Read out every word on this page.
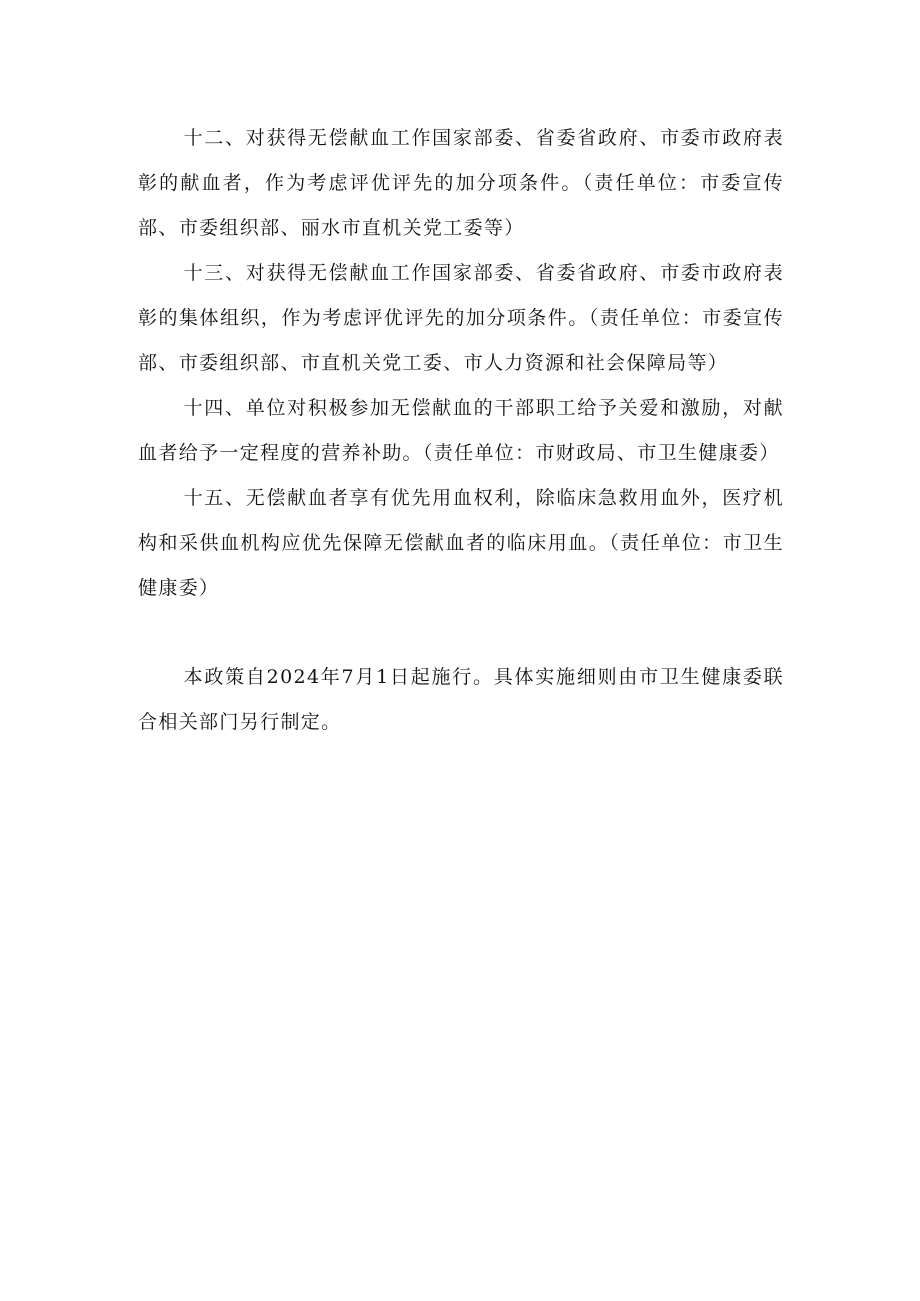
十二、对获得无偿献血工作国家部委、省委省政府、市委市政府表彰的献血者，作为考虑评优评先的加分项条件。（责任单位：市委宣传部、市委组织部、丽水市直机关党工委等）

十三、对获得无偿献血工作国家部委、省委省政府、市委市政府表彰的集体组织，作为考虑评优评先的加分项条件。（责任单位：市委宣传部、市委组织部、市直机关党工委、市人力资源和社会保障局等）

十四、单位对积极参加无偿献血的干部职工给予关爱和激励，对献血者给予一定程度的营养补助。（责任单位：市财政局、市卫生健康委）

十五、无偿献血者享有优先用血权利，除临床急救用血外，医疗机构和采供血机构应优先保障无偿献血者的临床用血。（责任单位：市卫生健康委）

本政策自2024年7月1日起施行。具体实施细则由市卫生健康委联合相关部门另行制定。
